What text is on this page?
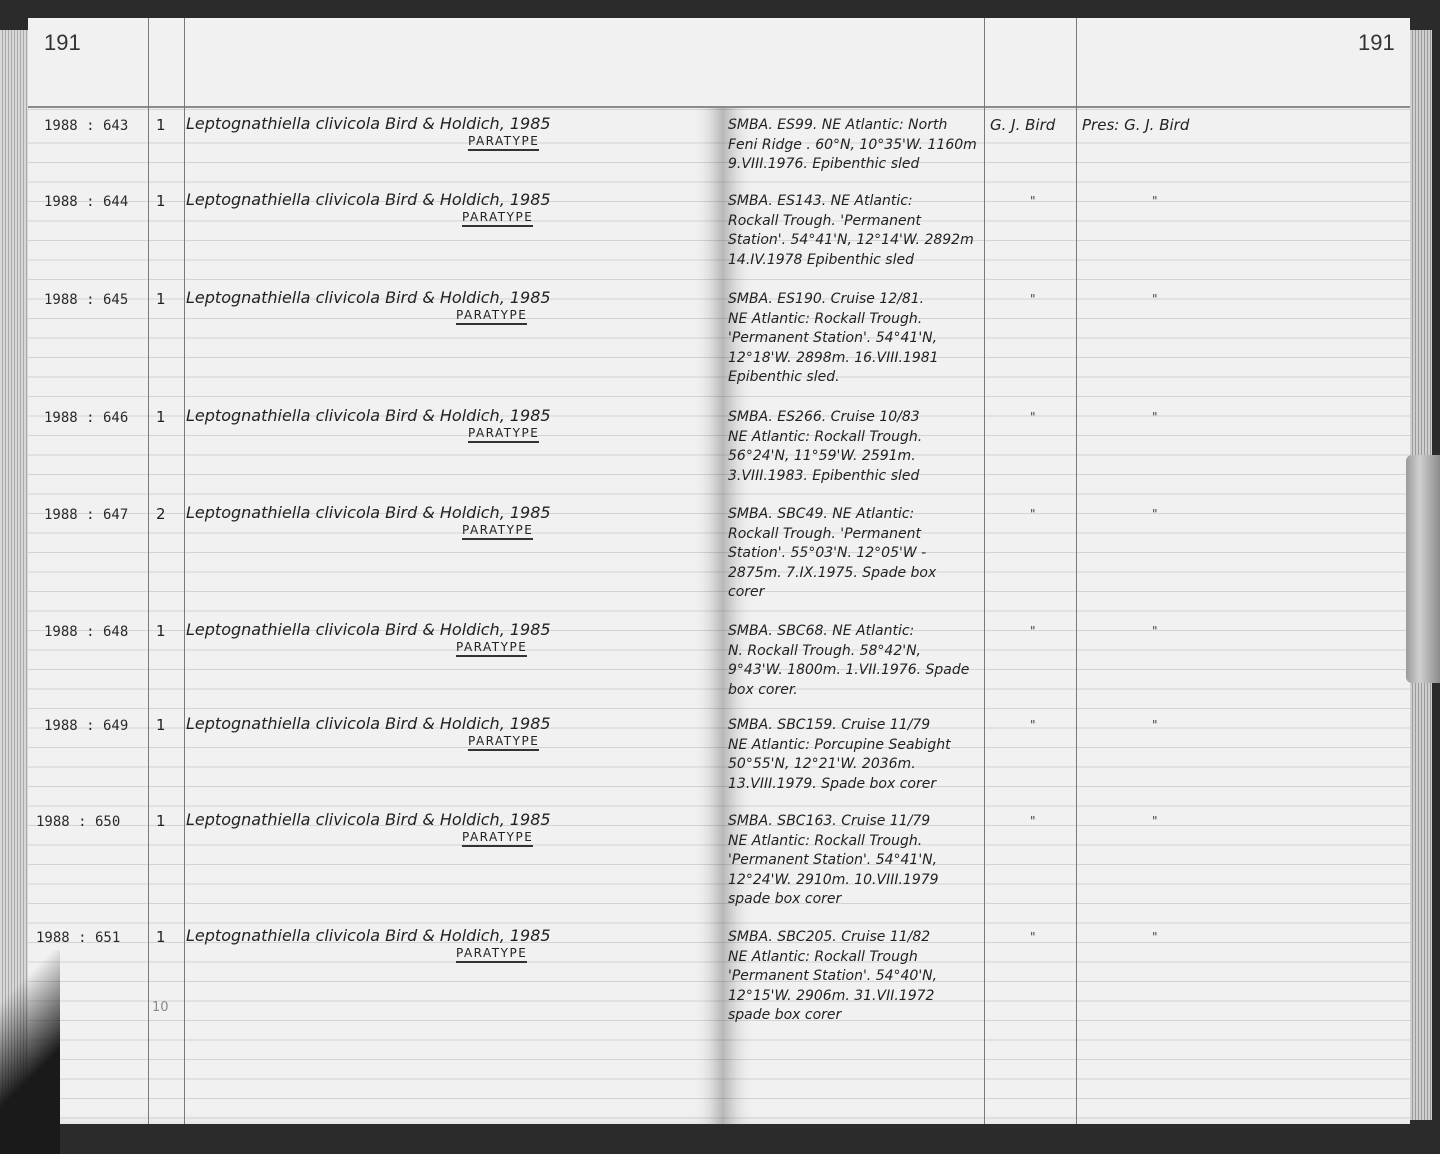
191	191
1988 : 643 1 Leptognathiella clivicola Bird & Holdich, 1985
PARATYPE
SMBA. ES99. NE Atlantic: North
Feni Ridge . 60°N, 10°35'W. 1160m
9.VIII.1976. Epibenthic sled
G. J. Bird Pres: G. J. Bird
1988 : 644 1 Leptognathiella clivicola Bird & Holdich, 1985
PARATYPE
SMBA. ES143. NE Atlantic:
Rockall Trough. 'Permanent
Station'. 54°41'N, 12°14'W. 2892m
14.IV.1978 Epibenthic sled
"	"
1988 : 645 1 Leptognathiella clivicola Bird & Holdich, 1985
PARATYPE
SMBA. ES190. Cruise 12/81.
NE Atlantic: Rockall Trough.
'Permanent Station'. 54°41'N,
12°18'W. 2898m. 16.VIII.1981
Epibenthic sled.
"	"
1988 : 646 1 Leptognathiella clivicola Bird & Holdich, 1985
PARATYPE
SMBA. ES266. Cruise 10/83
NE Atlantic: Rockall Trough.
56°24'N, 11°59'W. 2591m.
3.VIII.1983. Epibenthic sled
"	"
1988 : 647 2 Leptognathiella clivicola Bird & Holdich, 1985
PARATYPE
SMBA. SBC49. NE Atlantic:
Rockall Trough. 'Permanent
Station'. 55°03'N. 12°05'W -
2875m. 7.IX.1975. Spade box
corer
"	"
1988 : 648 1 Leptognathiella clivicola Bird & Holdich, 1985
PARATYPE
SMBA. SBC68. NE Atlantic:
N. Rockall Trough. 58°42'N,
9°43'W. 1800m. 1.VII.1976. Spade
box corer.
"	"
1988 : 649 1 Leptognathiella clivicola Bird & Holdich, 1985
PARATYPE
SMBA. SBC159. Cruise 11/79
NE Atlantic: Porcupine Seabight
50°55'N, 12°21'W. 2036m.
13.VIII.1979. Spade box corer
"	"
1988 : 650 1 Leptognathiella clivicola Bird & Holdich, 1985
PARATYPE
SMBA. SBC163. Cruise 11/79
NE Atlantic: Rockall Trough.
'Permanent Station'. 54°41'N,
12°24'W. 2910m. 10.VIII.1979
spade box corer
"	"
1988 : 651 1 Leptognathiella clivicola Bird & Holdich, 1985
PARATYPE
SMBA. SBC205. Cruise 11/82
NE Atlantic: Rockall Trough
'Permanent Station'. 54°40'N,
12°15'W. 2906m. 31.VII.1972
spade box corer
"	"
10
